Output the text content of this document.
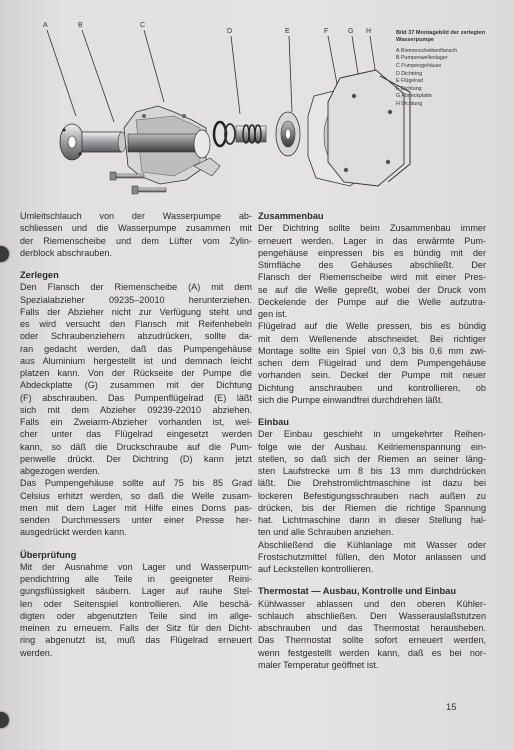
A	B	C
D	E	F	G H	Bild 37 Montagebild der zerlegten Wasserpumpe
A Riemenscheibenflansch
B Pumpenwellenlager
C Pumpengehäuse
D Dichtring
E Flügelrad
F Dichtung
G Abdeckplatte
H Dichtung

Umleitschlauch von der Wasserpumpe ab-

schliessen und die Wasserpumpe zusammen mit

der Riemenscheibe und dem Lüfter vom Zylin-

derblock abschrauben.

Zerlegen

Den Flansch der Riemenscheibe (A) mit dem

Spezialabzieher 09235–20010 herunterziehen.

Falls der Abzieher nicht zur Verfügung steht und

es wird versucht den Flansch mit Reifenhebeln

oder Schraubenziehern abzudrücken, sollte da-

ran gedacht werden, daß das Pumpengehäuse

aus Aluminium hergestellt ist und demnach leicht

platzen kann. Von der Rückseite der Pumpe die

Abdeckplatte (G) zusammen mit der Dichtung

(F) abschrauben. Das Pumpenflügelrad (E) läßt

sich mit dem Abzieher 09239-22010 abziehen.

Falls ein Zweiarm-Abzieher vorhanden ist, wel-

cher unter das Flügelrad eingesetzt werden

kann, so däß die Druckschraube auf die Pum-

penwelle drückt. Der Dichtring (D) kann jetzt

abgezogen werden.

Das Pumpengehäuse sollte auf 75 bis 85 Grad

Celsius erhitzt werden, so daß die Welle zusam-

men mit dem Lager mit Hilfe eines Dorns pas-

senden Durchmessers unter einer Presse her-

ausgedrückt werden kann.

Überprüfung

Mit der Ausnahme von Lager und Wasserpum-

pendichtring alle Teile in geeigneter Reini-

gungsflüssigkeit säubern. Lager auf rauhe Stel-

len oder Seitenspiel kontrollieren. Alle beschä-

digten oder abgenutzten Teile sind im allge-

meinen zu erneuern. Falls der Sitz für den Dicht-

ring abgenutzt ist, muß das Flügelrad erneuert

werden.

Zusammenbau

Der Dichtring sollte beim Zusammenbau immer

erneuert werden. Lager in das erwärmte Pum-

pengehäuse einpressen bis es bündig mit der

Stirnfläche des Gehäuses abschließt. Der

Flansch der Riemenscheibe wird mit einer Pres-

se auf die Welle gepreßt, wobei der Druck vom

Deckelende der Pumpe auf die Welle aufzutra-

gen ist.

Flügelrad auf die Welle pressen, bis es bündig

mit dem Wellenende abschneidet. Bei richtiger

Montage sollte ein Spiel von 0,3 bis 0,6 mm zwi-

schen dem Flügelrad und dem Pumpengehäuse

vorhanden sein. Deckel der Pumpe mit neuer

Dichtung anschrauben und kontrollieren, ob

sich die Pumpe einwandfrei durchdrehen läßt.

Einbau

Der Einbau geschieht in umgekehrter Reihen-

folge wie der Ausbau. Keilriemenspannung ein-

stellen, so daß sich der Riemen an seiner läng-

sten Laufstrecke um 8 bis 13 mm durchdrücken

läßt. Die Drehstromlichtmaschine ist dazu bei

lockeren Befestigungsschrauben nach außen zu

drücken, bis der Riemen die richtige Spannung

hat. Lichtmaschine dann in dieser Stellung hal-

ten und alle Schrauben anziehen.

Abschließend die Kühlanlage mit Wasser oder

Frostschutzmittel füllen, den Motor anlassen und

auf Leckstellen kontrollieren.

Thermostat — Ausbau, Kontrolle und Einbau

Kühlwasser ablassen und den oberen Kühler-

schlauch abschließen. Den Wasserauslaßstutzen

abschrauben und das Thermostat herausheben.

Das Thermostat sollte sofort erneuert werden,

wenn festgestellt werden kann, daß es bei nor-

maler Temperatur geöffnet ist.

15
